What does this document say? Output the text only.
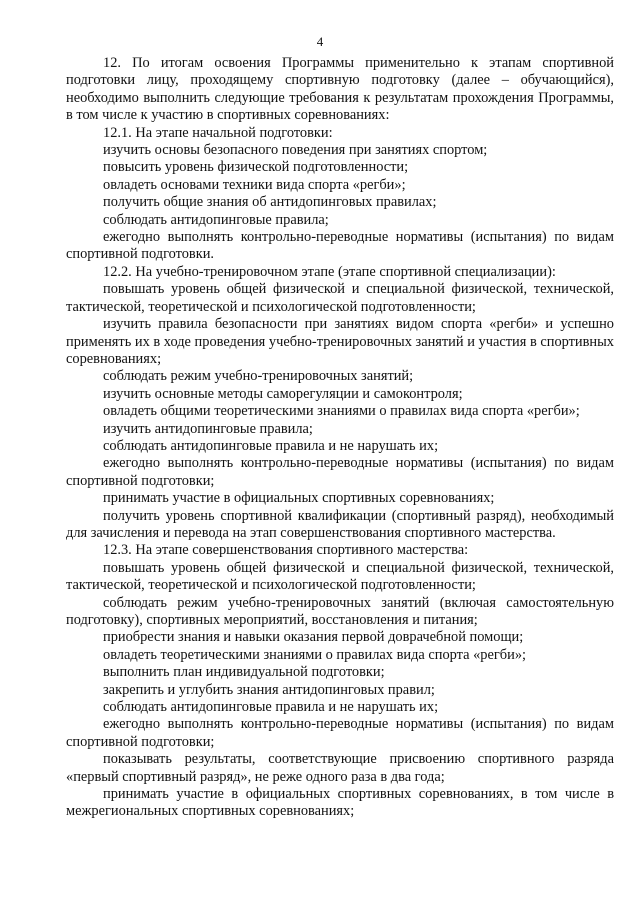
4

12. По итогам освоения Программы применительно к этапам спортивной подготовки лицу, проходящему спортивную подготовку (далее – обучающийся), необходимо выполнить следующие требования к результатам прохождения Программы, в том числе к участию в спортивных соревнованиях:

12.1. На этапе начальной подготовки:

изучить основы безопасного поведения при занятиях спортом;

повысить уровень физической подготовленности;

овладеть основами техники вида спорта «регби»;

получить общие знания об антидопинговых правилах;

соблюдать антидопинговые правила;

ежегодно выполнять контрольно-переводные нормативы (испытания) по видам спортивной подготовки.

12.2. На учебно-тренировочном этапе (этапе спортивной специализации):

повышать уровень общей физической и специальной физической, технической, тактической, теоретической и психологической подготовленности;

изучить правила безопасности при занятиях видом спорта «регби» и успешно применять их в ходе проведения учебно-тренировочных занятий и участия в спортивных соревнованиях;

соблюдать режим учебно-тренировочных занятий;

изучить основные методы саморегуляции и самоконтроля;

овладеть общими теоретическими знаниями о правилах вида спорта «регби»;

изучить антидопинговые правила;

соблюдать антидопинговые правила и не нарушать их;

ежегодно выполнять контрольно-переводные нормативы (испытания) по видам спортивной подготовки;

принимать участие в официальных спортивных соревнованиях;

получить уровень спортивной квалификации (спортивный разряд), необходимый для зачисления и перевода на этап совершенствования спортивного мастерства.

12.3. На этапе совершенствования спортивного мастерства:

повышать уровень общей физической и специальной физической, технической, тактической, теоретической и психологической подготовленности;

соблюдать режим учебно-тренировочных занятий (включая самостоятельную подготовку), спортивных мероприятий, восстановления и питания;

приобрести знания и навыки оказания первой доврачебной помощи;

овладеть теоретическими знаниями о правилах вида спорта «регби»;

выполнить план индивидуальной подготовки;

закрепить и углубить знания антидопинговых правил;

соблюдать антидопинговые правила и не нарушать их;

ежегодно выполнять контрольно-переводные нормативы (испытания) по видам спортивной подготовки;

показывать результаты, соответствующие присвоению спортивного разряда «первый спортивный разряд», не реже одного раза в два года;

принимать участие в официальных спортивных соревнованиях, в том числе в межрегиональных спортивных соревнованиях;
